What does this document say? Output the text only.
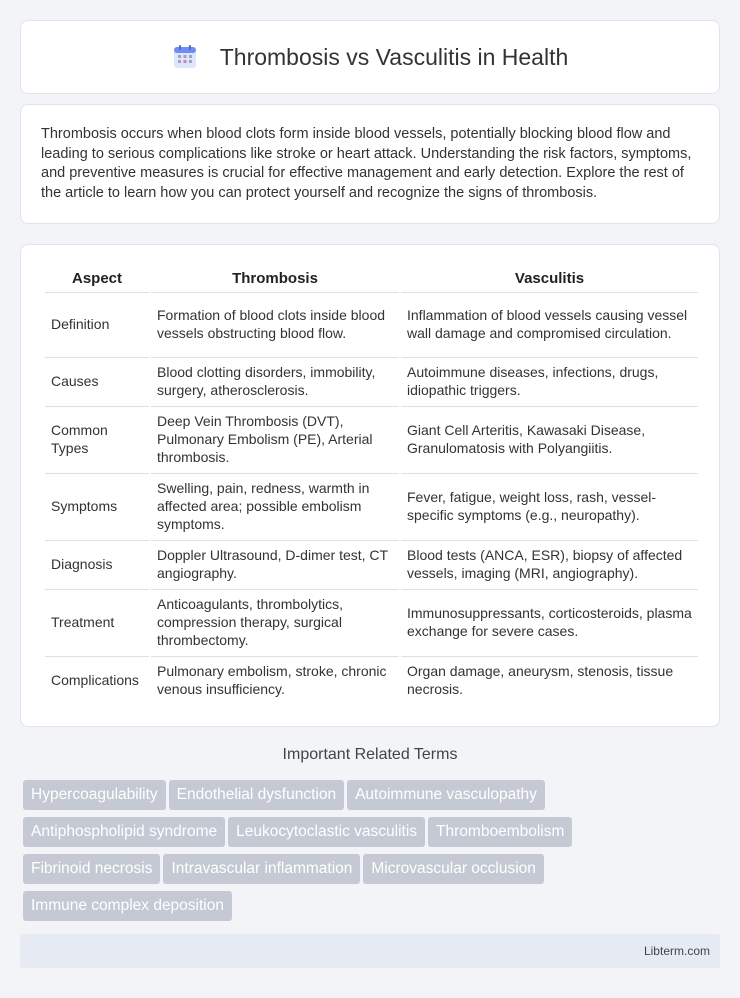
Thrombosis vs Vasculitis in Health

Thrombosis occurs when blood clots form inside blood vessels, potentially blocking blood flow and leading to serious complications like stroke or heart attack. Understanding the risk factors, symptoms, and preventive measures is crucial for effective management and early detection. Explore the rest of the article to learn how you can protect yourself and recognize the signs of thrombosis.

Aspect	Thrombosis	Vasculitis
Definition	Formation of blood clots inside blood vessels obstructing blood flow.	Inflammation of blood vessels causing vessel wall damage and compromised circulation.
Causes	Blood clotting disorders, immobility, surgery, atherosclerosis.	Autoimmune diseases, infections, drugs, idiopathic triggers.
Common Types	Deep Vein Thrombosis (DVT), Pulmonary Embolism (PE), Arterial thrombosis.	Giant Cell Arteritis, Kawasaki Disease, Granulomatosis with Polyangiitis.
Symptoms	Swelling, pain, redness, warmth in affected area; possible embolism symptoms.	Fever, fatigue, weight loss, rash, vessel-specific symptoms (e.g., neuropathy).
Diagnosis	Doppler Ultrasound, D-dimer test, CT angiography.	Blood tests (ANCA, ESR), biopsy of affected vessels, imaging (MRI, angiography).
Treatment	Anticoagulants, thrombolytics, compression therapy, surgical thrombectomy.	Immunosuppressants, corticosteroids, plasma exchange for severe cases.
Complications	Pulmonary embolism, stroke, chronic venous insufficiency.	Organ damage, aneurysm, stenosis, tissue necrosis.
Important Related Terms
Hypercoagulability Endothelial dysfunction Autoimmune vasculopathy
Antiphospholipid syndrome Leukocytoclastic vasculitis Thromboembolism
Fibrinoid necrosis Intravascular inflammation Microvascular occlusion
Immune complex deposition
Libterm.com
